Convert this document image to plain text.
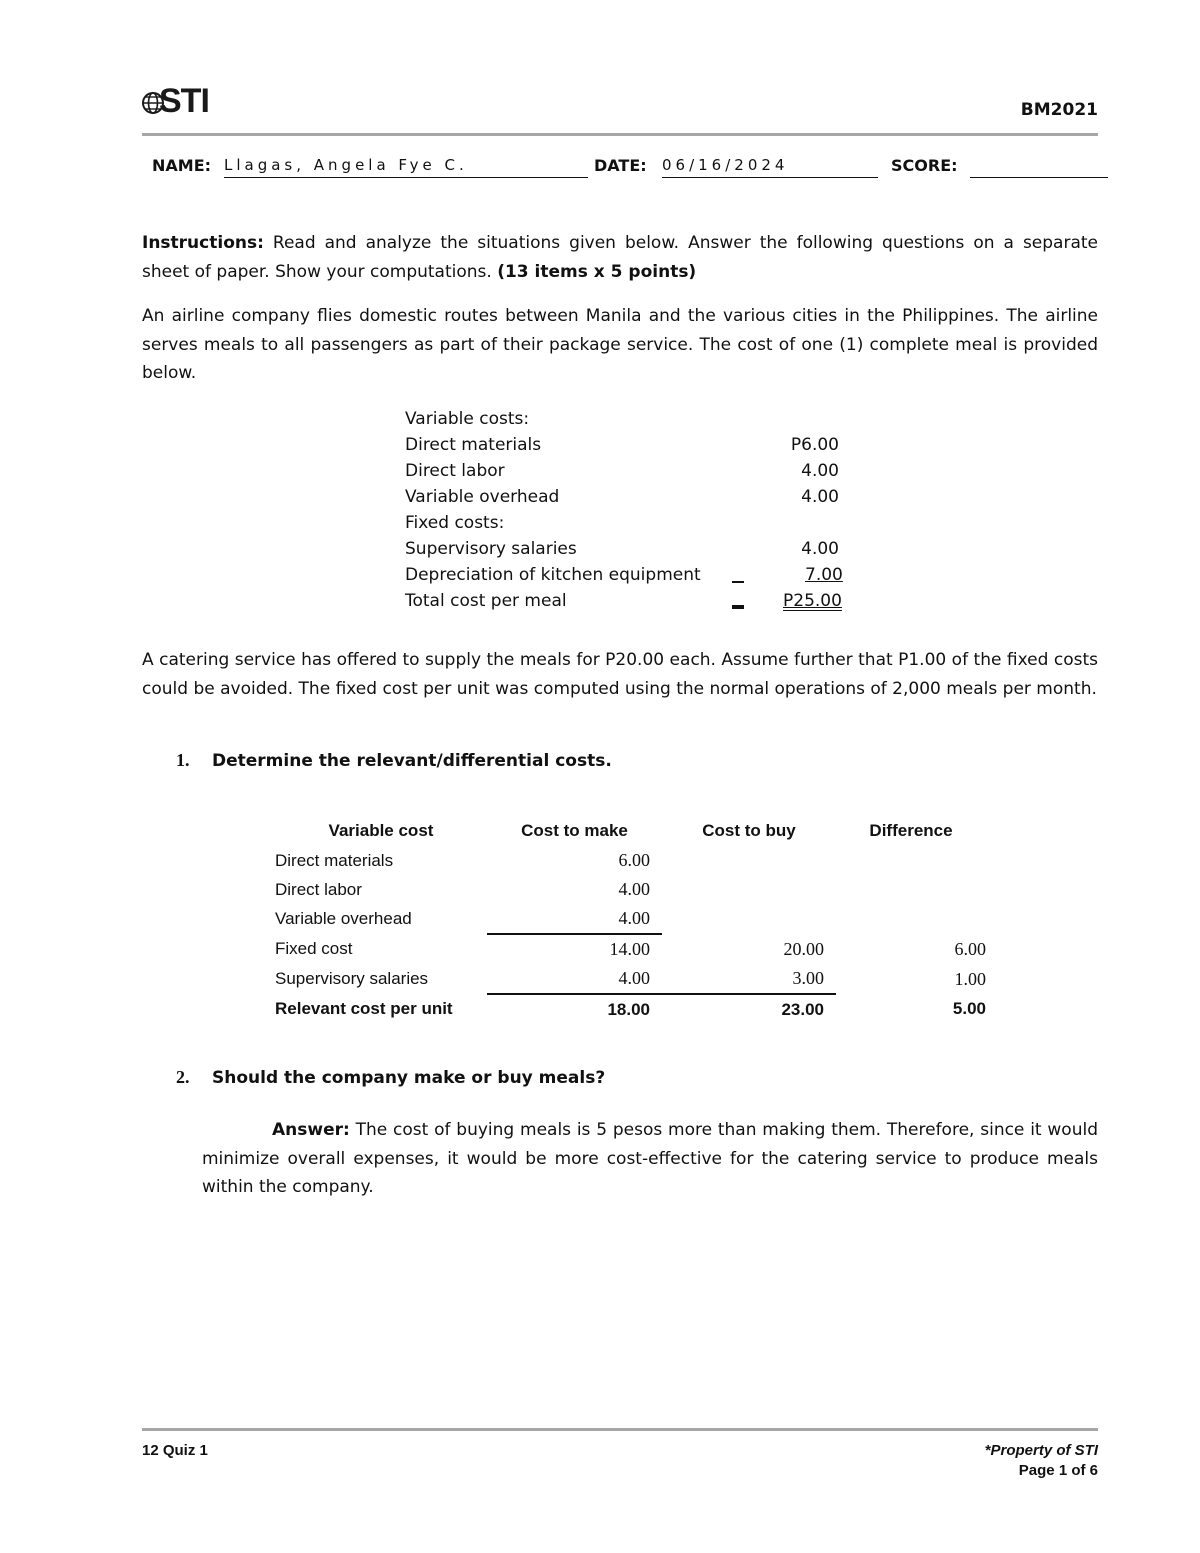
STI	BM2021
NAME: Llagas, Angela Fye C.	DATE: 06/16/2024	SCORE:
Instructions: Read and analyze the situations given below. Answer the following questions on a separate sheet of paper. Show your computations. (13 items x 5 points)
An airline company flies domestic routes between Manila and the various cities in the Philippines. The airline serves meals to all passengers as part of their package service. The cost of one (1) complete meal is provided below.
Variable costs:
Direct materials	P6.00
Direct labor	4.00
Variable overhead	4.00
Fixed costs:
Supervisory salaries	4.00
Depreciation of kitchen equipment	7.00
Total cost per meal	P25.00
A catering service has offered to supply the meals for P20.00 each. Assume further that P1.00 of the fixed costs could be avoided. The fixed cost per unit was computed using the normal operations of 2,000 meals per month.
1. Determine the relevant/differential costs.
Variable cost	Cost to make	Cost to buy	Difference
Direct materials	6.00		
Direct labor	4.00		
Variable overhead	4.00		
Fixed cost	14.00	20.00	6.00
Supervisory salaries	4.00	3.00	1.00
Relevant cost per unit	18.00	23.00	5.00
2. Should the company make or buy meals?
Answer: The cost of buying meals is 5 pesos more than making them. Therefore, since it would minimize overall expenses, it would be more cost-effective for the catering service to produce meals within the company.
12 Quiz 1	*Property of STI
Page 1 of 6
